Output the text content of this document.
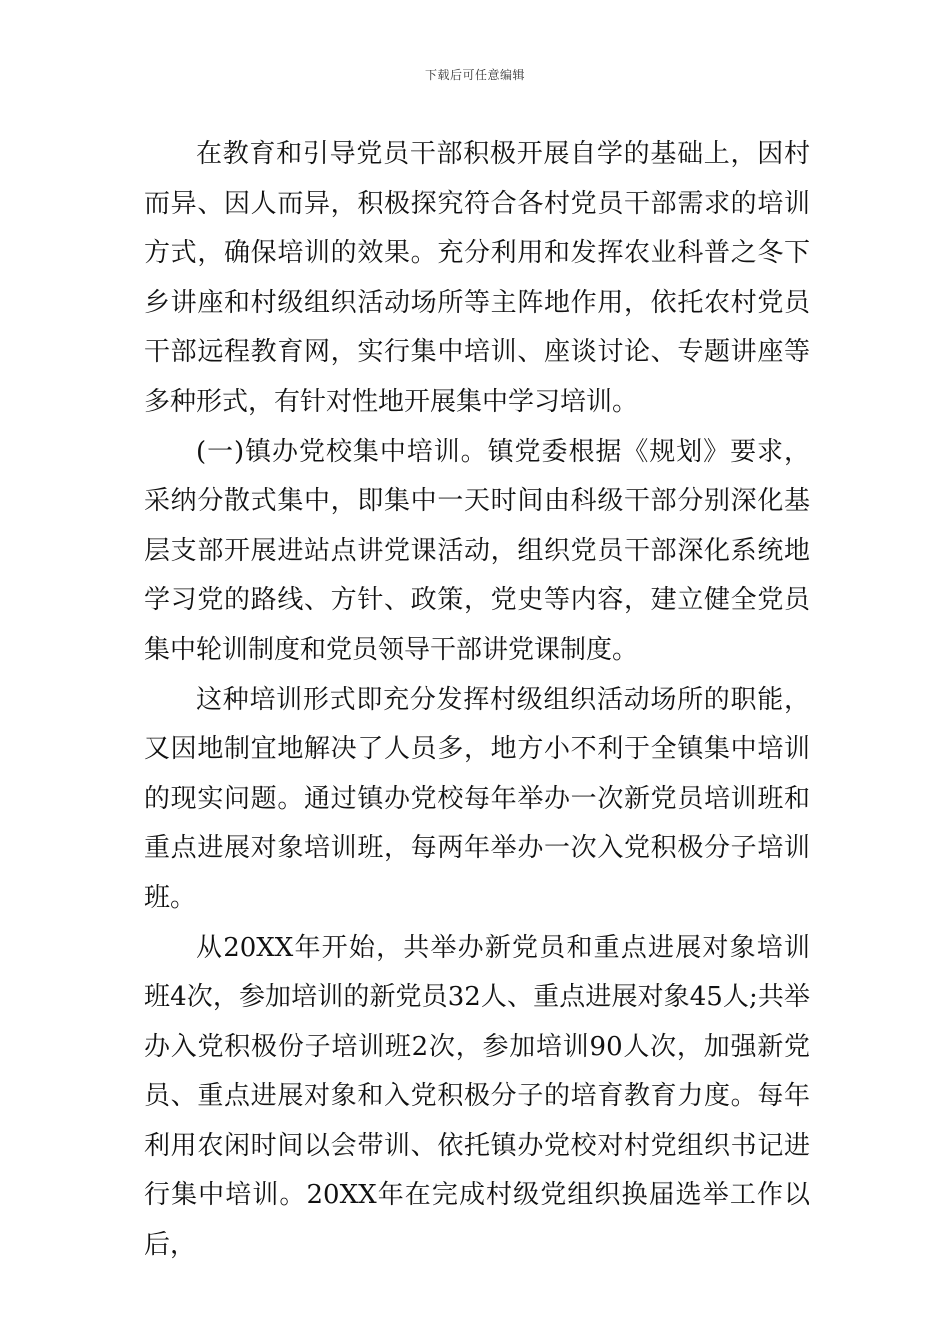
下载后可任意编辑

在教育和引导党员干部积极开展自学的基础上，因村而异、因人而异，积极探究符合各村党员干部需求的培训方式，确保培训的效果。充分利用和发挥农业科普之冬下乡讲座和村级组织活动场所等主阵地作用，依托农村党员干部远程教育网，实行集中培训、座谈讨论、专题讲座等多种形式，有针对性地开展集中学习培训。

(一)镇办党校集中培训。镇党委根据《规划》要求，采纳分散式集中，即集中一天时间由科级干部分别深化基层支部开展进站点讲党课活动，组织党员干部深化系统地学习党的路线、方针、政策，党史等内容，建立健全党员集中轮训制度和党员领导干部讲党课制度。

这种培训形式即充分发挥村级组织活动场所的职能，又因地制宜地解决了人员多，地方小不利于全镇集中培训的现实问题。通过镇办党校每年举办一次新党员培训班和重点进展对象培训班，每两年举办一次入党积极分子培训班。

从20XX年开始，共举办新党员和重点进展对象培训班4次，参加培训的新党员32人、重点进展对象45人;共举办入党积极份子培训班2次，参加培训90人次，加强新党员、重点进展对象和入党积极分子的培育教育力度。每年利用农闲时间以会带训、依托镇办党校对村党组织书记进行集中培训。20XX年在完成村级党组织换届选举工作以后，
